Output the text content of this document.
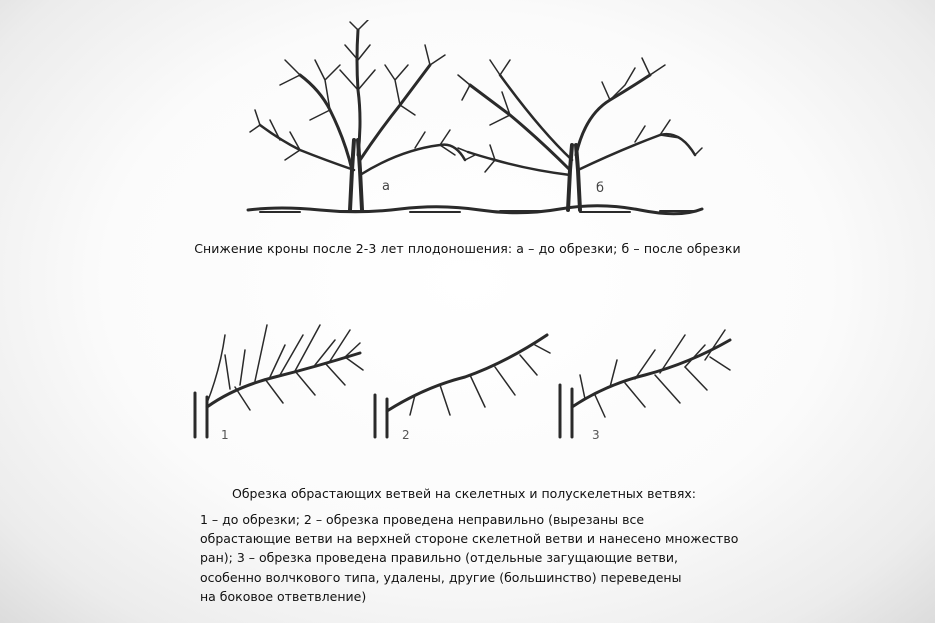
а	б
Снижение кроны после 2-3 лет плодоношения: а – до обрезки; б – после обрезки
1	2	3
Обрезка обрастающих ветвей на скелетных и полускелетных ветвях:
1 – до обрезки; 2 – обрезка проведена неправильно (вырезаны все
обрастающие ветви на верхней стороне скелетной ветви и нанесено множество
ран); 3 – обрезка проведена правильно (отдельные загущающие ветви,
особенно волчкового типа, удалены, другие (большинство) переведены
на боковое ответвление)
